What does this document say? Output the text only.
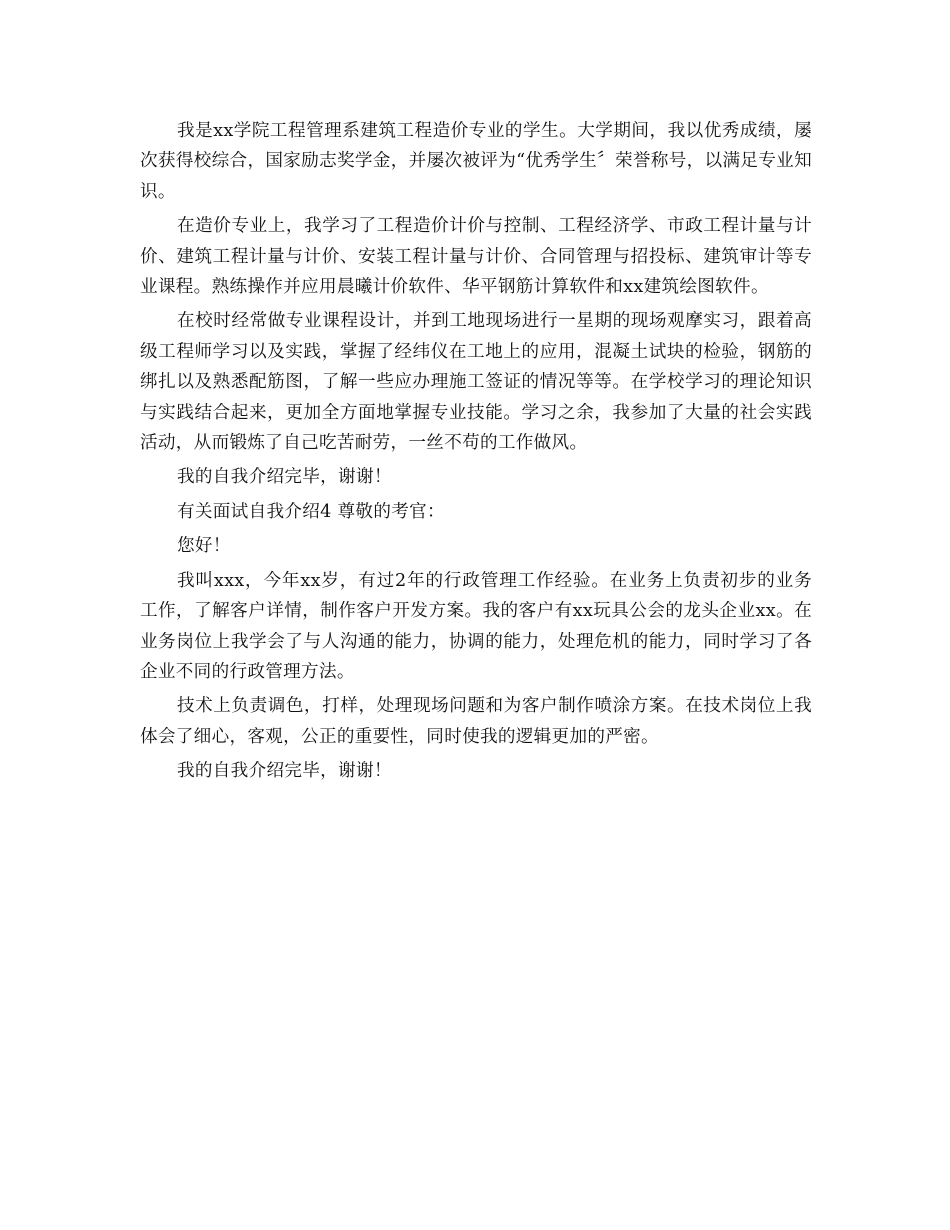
我是xx学院工程管理系建筑工程造价专业的学生。大学期间，我以优秀成绩，屡次获得校综合，国家励志奖学金，并屡次被评为“优秀学生〞荣誉称号，以满足专业知识。

在造价专业上，我学习了工程造价计价与控制、工程经济学、市政工程计量与计价、建筑工程计量与计价、安装工程计量与计价、合同管理与招投标、建筑审计等专业课程。熟练操作并应用晨曦计价软件、华平钢筋计算软件和xx建筑绘图软件。

在校时经常做专业课程设计，并到工地现场进行一星期的现场观摩实习，跟着高级工程师学习以及实践，掌握了经纬仪在工地上的应用，混凝土试块的检验，钢筋的绑扎以及熟悉配筋图，了解一些应办理施工签证的情况等等。在学校学习的理论知识与实践结合起来，更加全方面地掌握专业技能。学习之余，我参加了大量的社会实践活动，从而锻炼了自己吃苦耐劳，一丝不苟的工作做风。

我的自我介绍完毕，谢谢！

有关面试自我介绍4 尊敬的考官：

您好！

我叫xxx，今年xx岁，有过2年的行政管理工作经验。在业务上负责初步的业务工作，了解客户详情，制作客户开发方案。我的客户有xx玩具公会的龙头企业xx。在业务岗位上我学会了与人沟通的能力，协调的能力，处理危机的能力，同时学习了各企业不同的行政管理方法。

技术上负责调色，打样，处理现场问题和为客户制作喷涂方案。在技术岗位上我体会了细心，客观，公正的重要性，同时使我的逻辑更加的严密。

我的自我介绍完毕，谢谢！
